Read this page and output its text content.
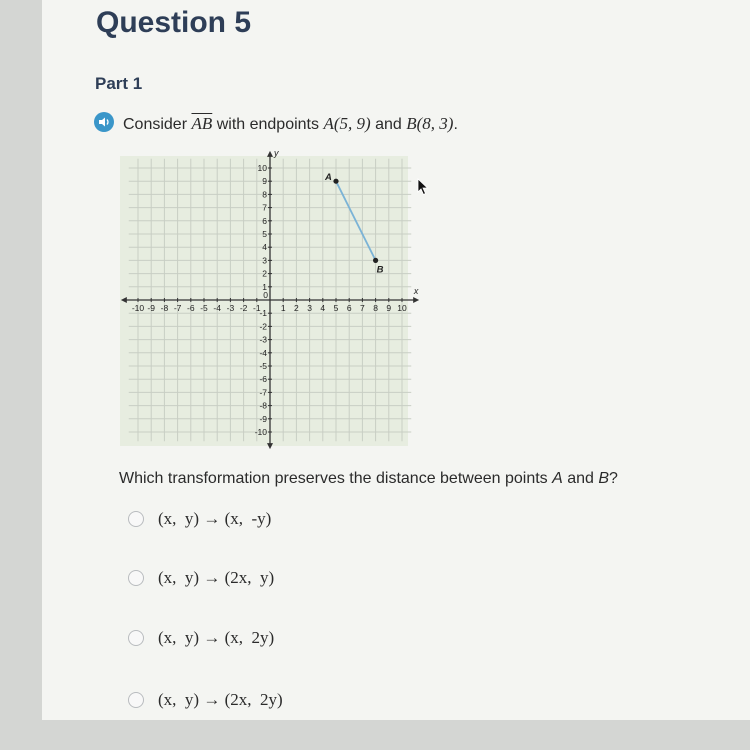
Question 5
Part 1
Consider $\overline{AB}$ with endpoints A(5, 9) and B(8, 3).
x
y
-10 -9 -8 -7 -6 -5 -4 -3 -2 -1 1 2 3 4 5 6 7 8 9 10
0
1
2
3
4
5
6
7
8
9
10
-1
-2
-3
-4
-5
-6
-7
-8
-9
-10
A
B
Which transformation preserves the distance between points A and B?
(x,  y) → (x,  -y)
(x,  y) → (2x,  y)
(x,  y) → (x,  2y)
(x,  y) → (2x,  2y)
